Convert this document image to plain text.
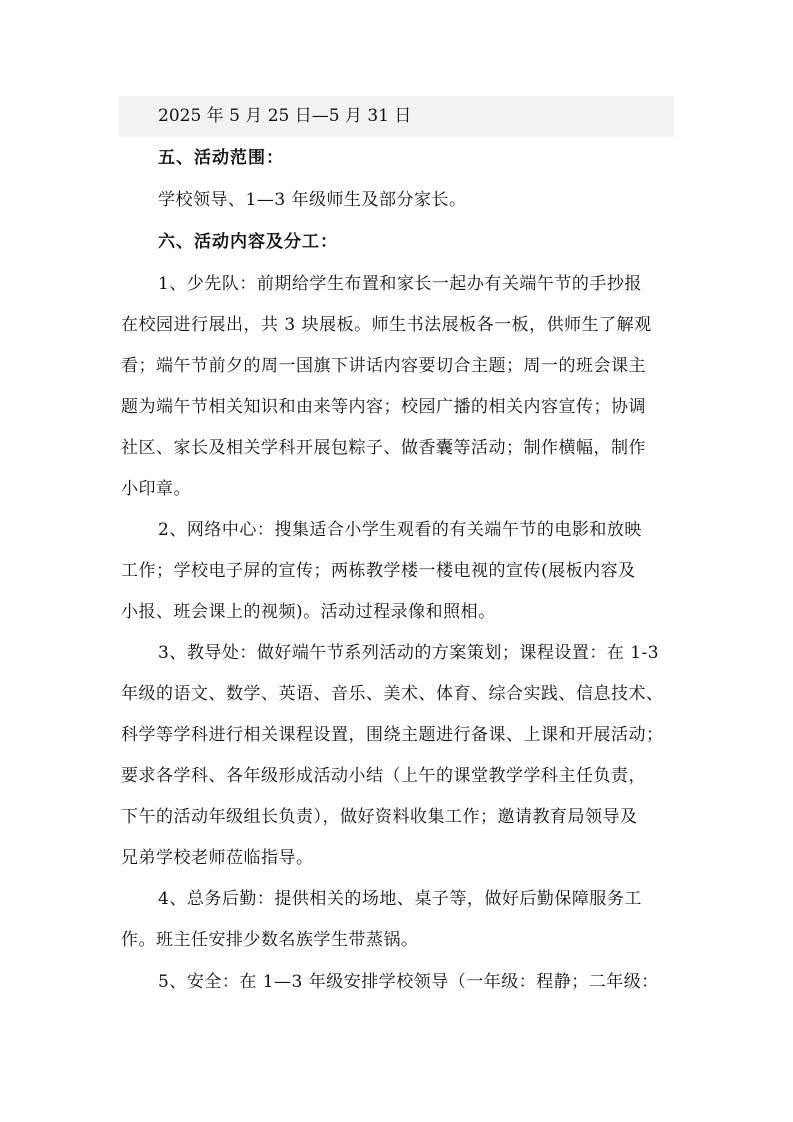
2025 年 5 月 25 日—5 月 31 日
五、活动范围：
学校领导、1—3 年级师生及部分家长。
六、活动内容及分工：
1、少先队：前期给学生布置和家长一起办有关端午节的手抄报
在校园进行展出，共 3 块展板。师生书法展板各一板，供师生了解观
看；端午节前夕的周一国旗下讲话内容要切合主题；周一的班会课主
题为端午节相关知识和由来等内容；校园广播的相关内容宣传；协调
社区、家长及相关学科开展包粽子、做香囊等活动；制作横幅，制作
小印章。
2、网络中心：搜集适合小学生观看的有关端午节的电影和放映
工作；学校电子屏的宣传；两栋教学楼一楼电视的宣传(展板内容及
小报、班会课上的视频)。活动过程录像和照相。
3、教导处：做好端午节系列活动的方案策划；课程设置：在 1-3
年级的语文、数学、英语、音乐、美术、体育、综合实践、信息技术、
科学等学科进行相关课程设置，围绕主题进行备课、上课和开展活动；
要求各学科、各年级形成活动小结（上午的课堂教学学科主任负责，
下午的活动年级组长负责），做好资料收集工作；邀请教育局领导及
兄弟学校老师莅临指导。
4、总务后勤：提供相关的场地、桌子等，做好后勤保障服务工
作。班主任安排少数名族学生带蒸锅。
5、安全：在 1—3 年级安排学校领导（一年级：程静；二年级：
